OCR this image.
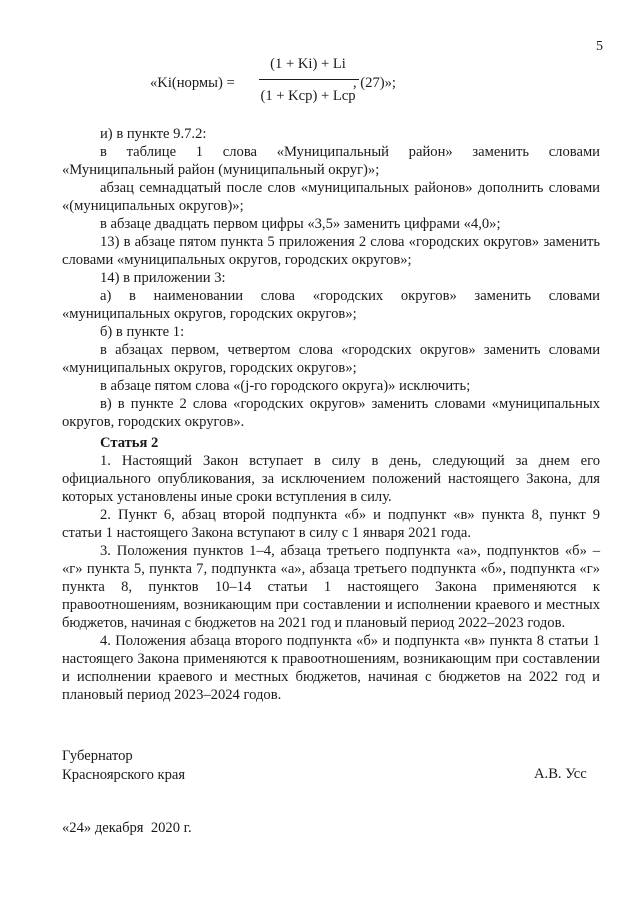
5
«Ki(нормы) =
(1 + Ki) + Li
(1 + Kср) + Lср
, (27)»;

и) в пункте 9.7.2:

в таблице 1 слова «Муниципальный район» заменить словами «Муниципальный район (муниципальный округ)»;

абзац семнадцатый после слов «муниципальных районов» дополнить словами «(муниципальных округов)»;

в абзаце двадцать первом цифры «3,5» заменить цифрами «4,0»;

13) в абзаце пятом пункта 5 приложения 2 слова «городских округов» заменить словами «муниципальных округов, городских округов»;

14) в приложении 3:

а) в наименовании слова «городских округов» заменить словами «муниципальных округов, городских округов»;

б) в пункте 1:

в абзацах первом, четвертом слова «городских округов» заменить словами «муниципальных округов, городских округов»;

в абзаце пятом слова «(j-го городского округа)» исключить;

в) в пункте 2 слова «городских округов» заменить словами «муниципальных округов, городских округов».

Статья 2

1. Настоящий Закон вступает в силу в день, следующий за днем его официального опубликования, за исключением положений настоящего Закона, для которых установлены иные сроки вступления в силу.

2. Пункт 6, абзац второй подпункта «б» и подпункт «в» пункта 8, пункт 9 статьи 1 настоящего Закона вступают в силу с 1 января 2021 года.

3. Положения пунктов 1–4, абзаца третьего подпункта «а», подпунктов «б» – «г» пункта 5, пункта 7, подпункта «а», абзаца третьего подпункта «б», подпункта «г» пункта 8, пунктов 10–14 статьи 1 настоящего Закона применяются к правоотношениям, возникающим при составлении и исполнении краевого и местных бюджетов, начиная с бюджетов на 2021 год и плановый период 2022–2023 годов.

4. Положения абзаца второго подпункта «б» и подпункта «в» пункта 8 статьи 1 настоящего Закона применяются к правоотношениям, возникающим при составлении и исполнении краевого и местных бюджетов, начиная с бюджетов на 2022 год и плановый период 2023–2024 годов.

Губернатор
Красноярского края	А.В. Усс
«24» декабря  2020 г.
